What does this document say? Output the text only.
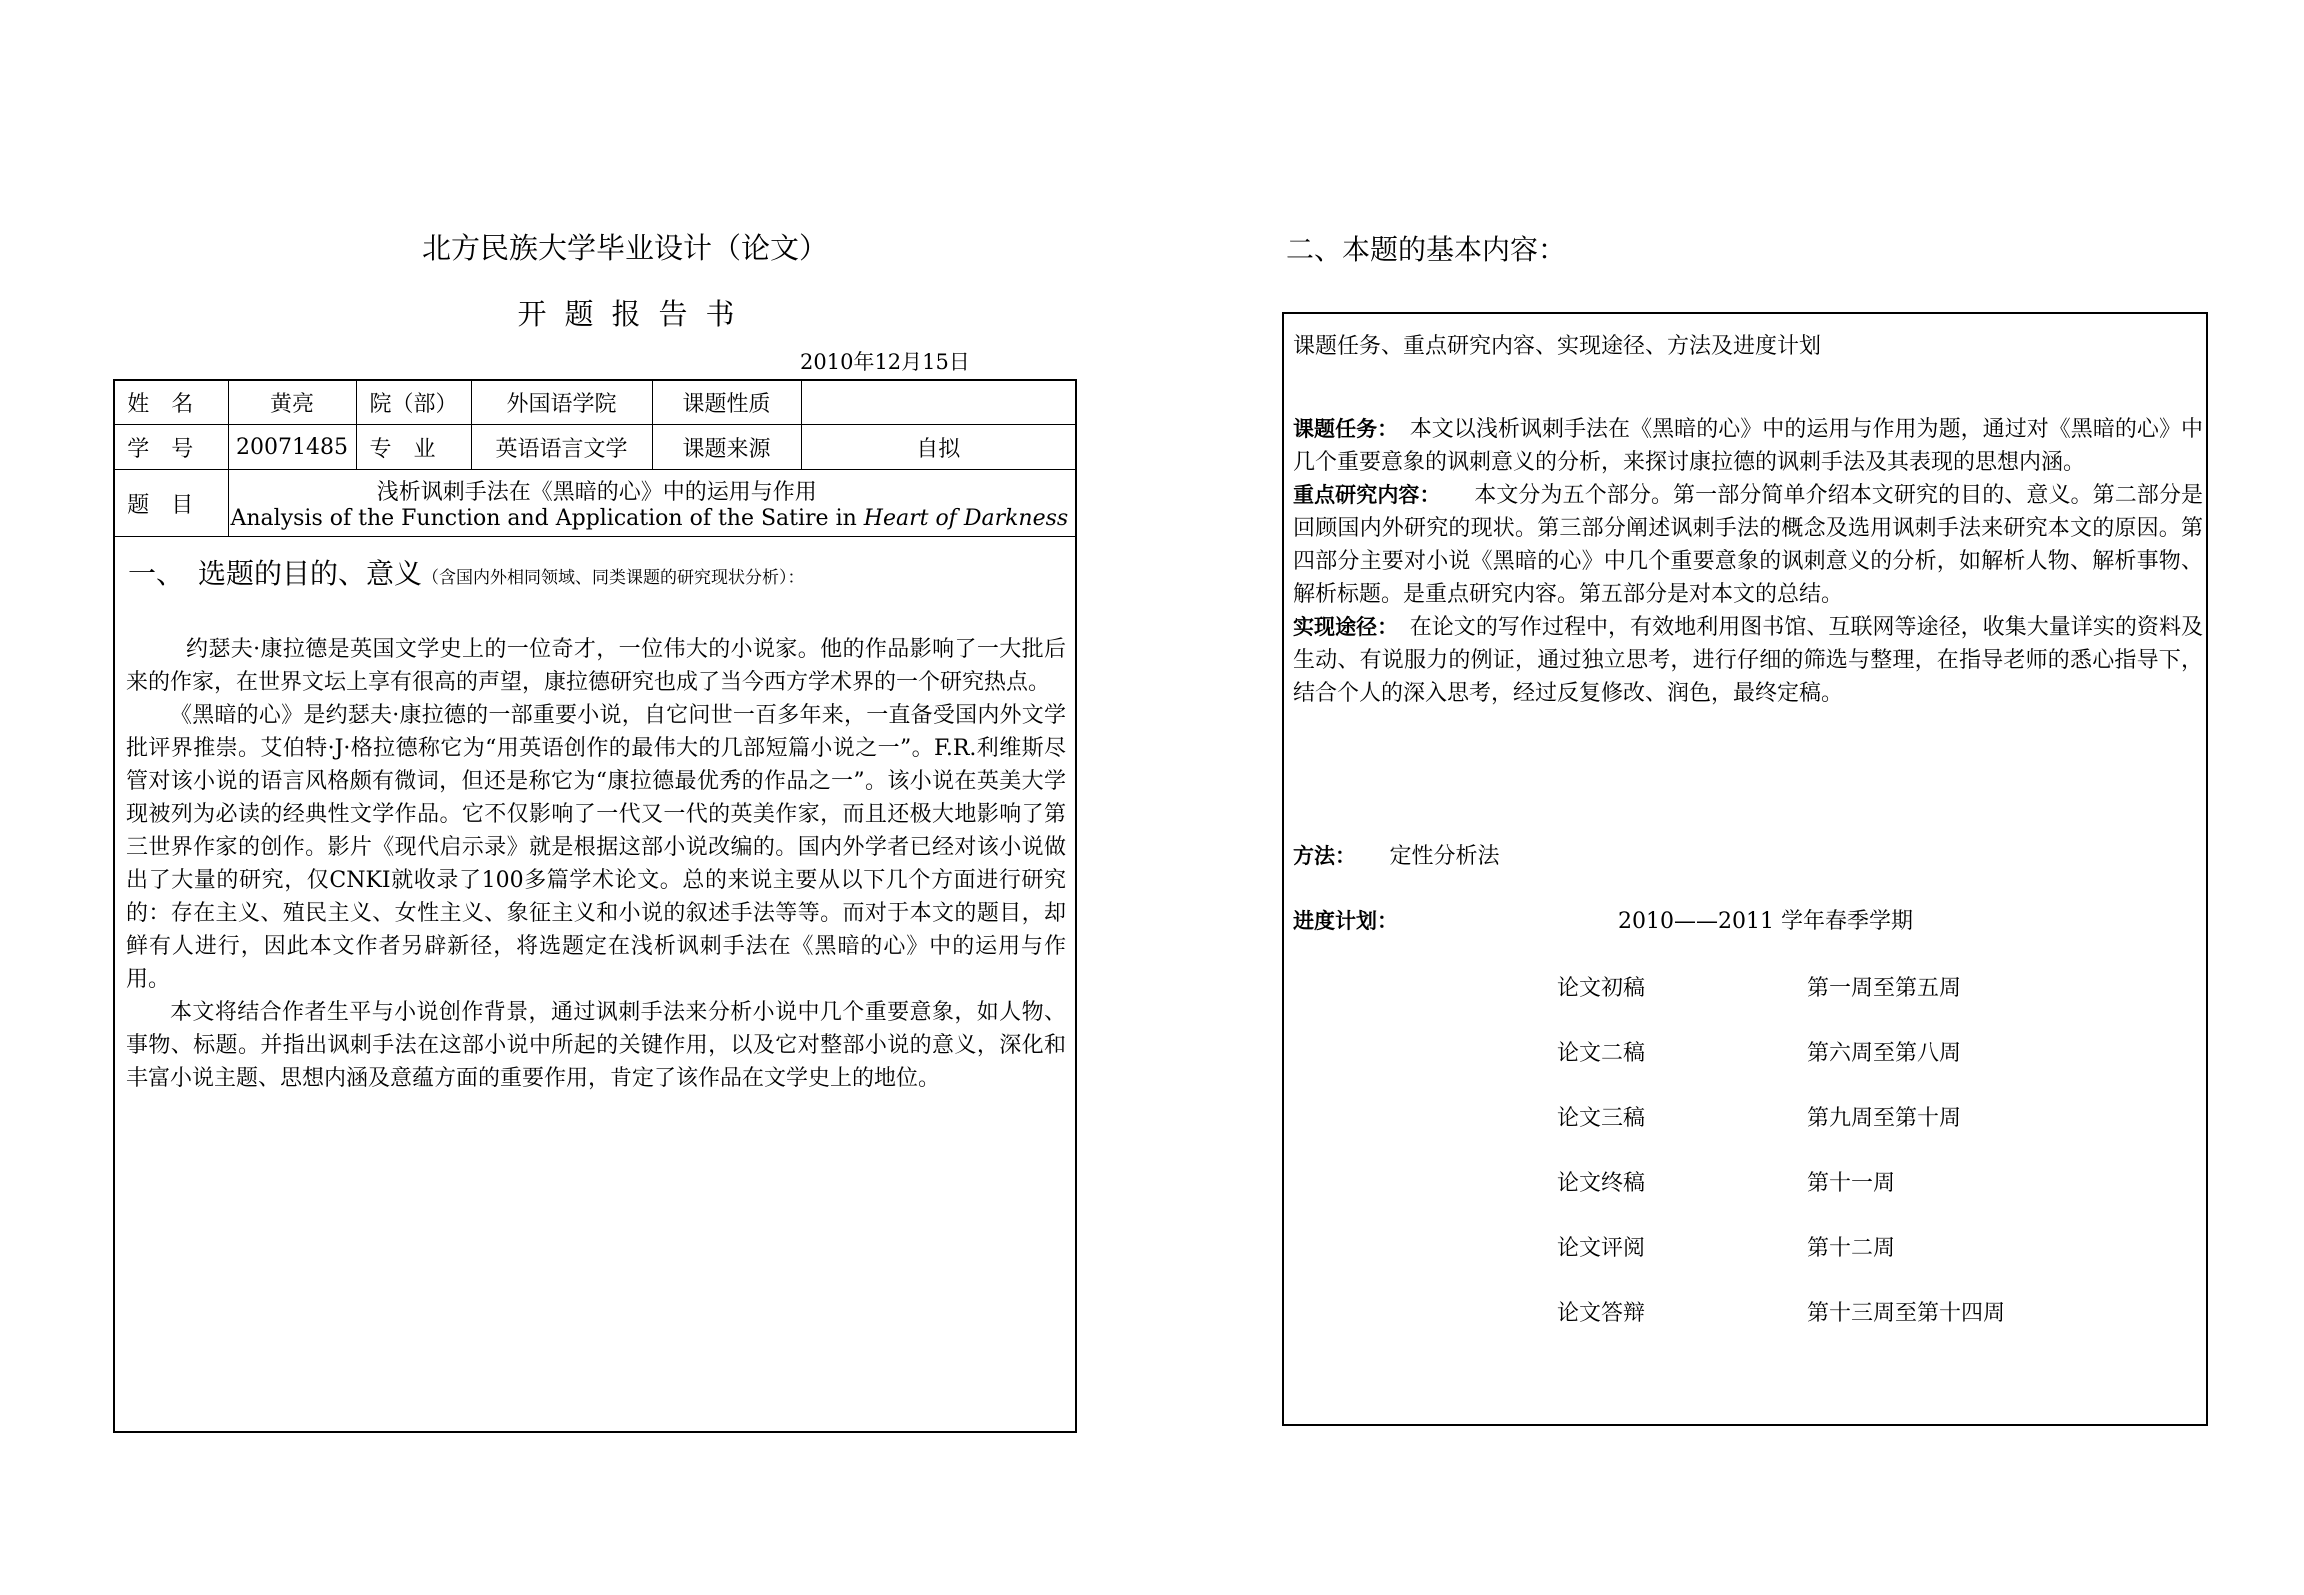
北方民族大学毕业设计（论文）
开题报告书
2010年12月15日
姓名	黄亮	院（部）	外国语学院	课题性质	
学号	20071485	专业	英语语言文学	课题来源	自拟
题目	浅析讽刺手法在《黑暗的心》中的运用与作用
Analysis of the Function and Application of the Satire in Heart of Darkness				
一、　选题的目的、意义（含国内外相同领域、同类课题的研究现状分析）：

约瑟夫·康拉德是英国文学史上的一位奇才，一位伟大的小说家。他的作品影响了一大批后来的作家，在世界文坛上享有很高的声望，康拉德研究也成了当今西方学术界的一个研究热点。

《黑暗的心》是约瑟夫·康拉德的一部重要小说，自它问世一百多年来，一直备受国内外文学批评界推崇。艾伯特·J·格拉德称它为“用英语创作的最伟大的几部短篇小说之一”。F.R.利维斯尽管对该小说的语言风格颇有微词，但还是称它为“康拉德最优秀的作品之一”。该小说在英美大学现被列为必读的经典性文学作品。它不仅影响了一代又一代的英美作家，而且还极大地影响了第三世界作家的创作。影片《现代启示录》就是根据这部小说改编的。国内外学者已经对该小说做出了大量的研究，仅CNKI就收录了100多篇学术论文。总的来说主要从以下几个方面进行研究的：存在主义、殖民主义、女性主义、象征主义和小说的叙述手法等等。而对于本文的题目，却鲜有人进行，因此本文作者另辟新径，将选题定在浅析讽刺手法在《黑暗的心》中的运用与作用。

本文将结合作者生平与小说创作背景，通过讽刺手法来分析小说中几个重要意象，如人物、事物、标题。并指出讽刺手法在这部小说中所起的关键作用，以及它对整部小说的意义，深化和丰富小说主题、思想内涵及意蕴方面的重要作用，肯定了该作品在文学史上的地位。

二、本题的基本内容：
课题任务、重点研究内容、实现途径、方法及进度计划

课题任务：　 本文以浅析讽刺手法在《黑暗的心》中的运用与作用为题，通过对《黑暗的心》中几个重要意象的讽刺意义的分析，来探讨康拉德的讽刺手法及其表现的思想内涵。

重点研究内容：　　 本文分为五个部分。第一部分简单介绍本文研究的目的、意义。第二部分是回顾国内外研究的现状。第三部分阐述讽刺手法的概念及选用讽刺手法来研究本文的原因。第四部分主要对小说《黑暗的心》中几个重要意象的讽刺意义的分析，如解析人物、解析事物、解析标题。是重点研究内容。第五部分是对本文的总结。

实现途径：　 在论文的写作过程中，有效地利用图书馆、互联网等途径，收集大量详实的资料及生动、有说服力的例证，通过独立思考，进行仔细的筛选与整理，在指导老师的悉心指导下，结合个人的深入思考，经过反复修改、润色，最终定稿。

方法：　　 定性分析法
进度计划：	2010——2011 学年春季学期
论文初稿	第一周至第五周
论文二稿	第六周至第八周
论文三稿	第九周至第十周
论文终稿	第十一周
论文评阅	第十二周
论文答辩	第十三周至第十四周
